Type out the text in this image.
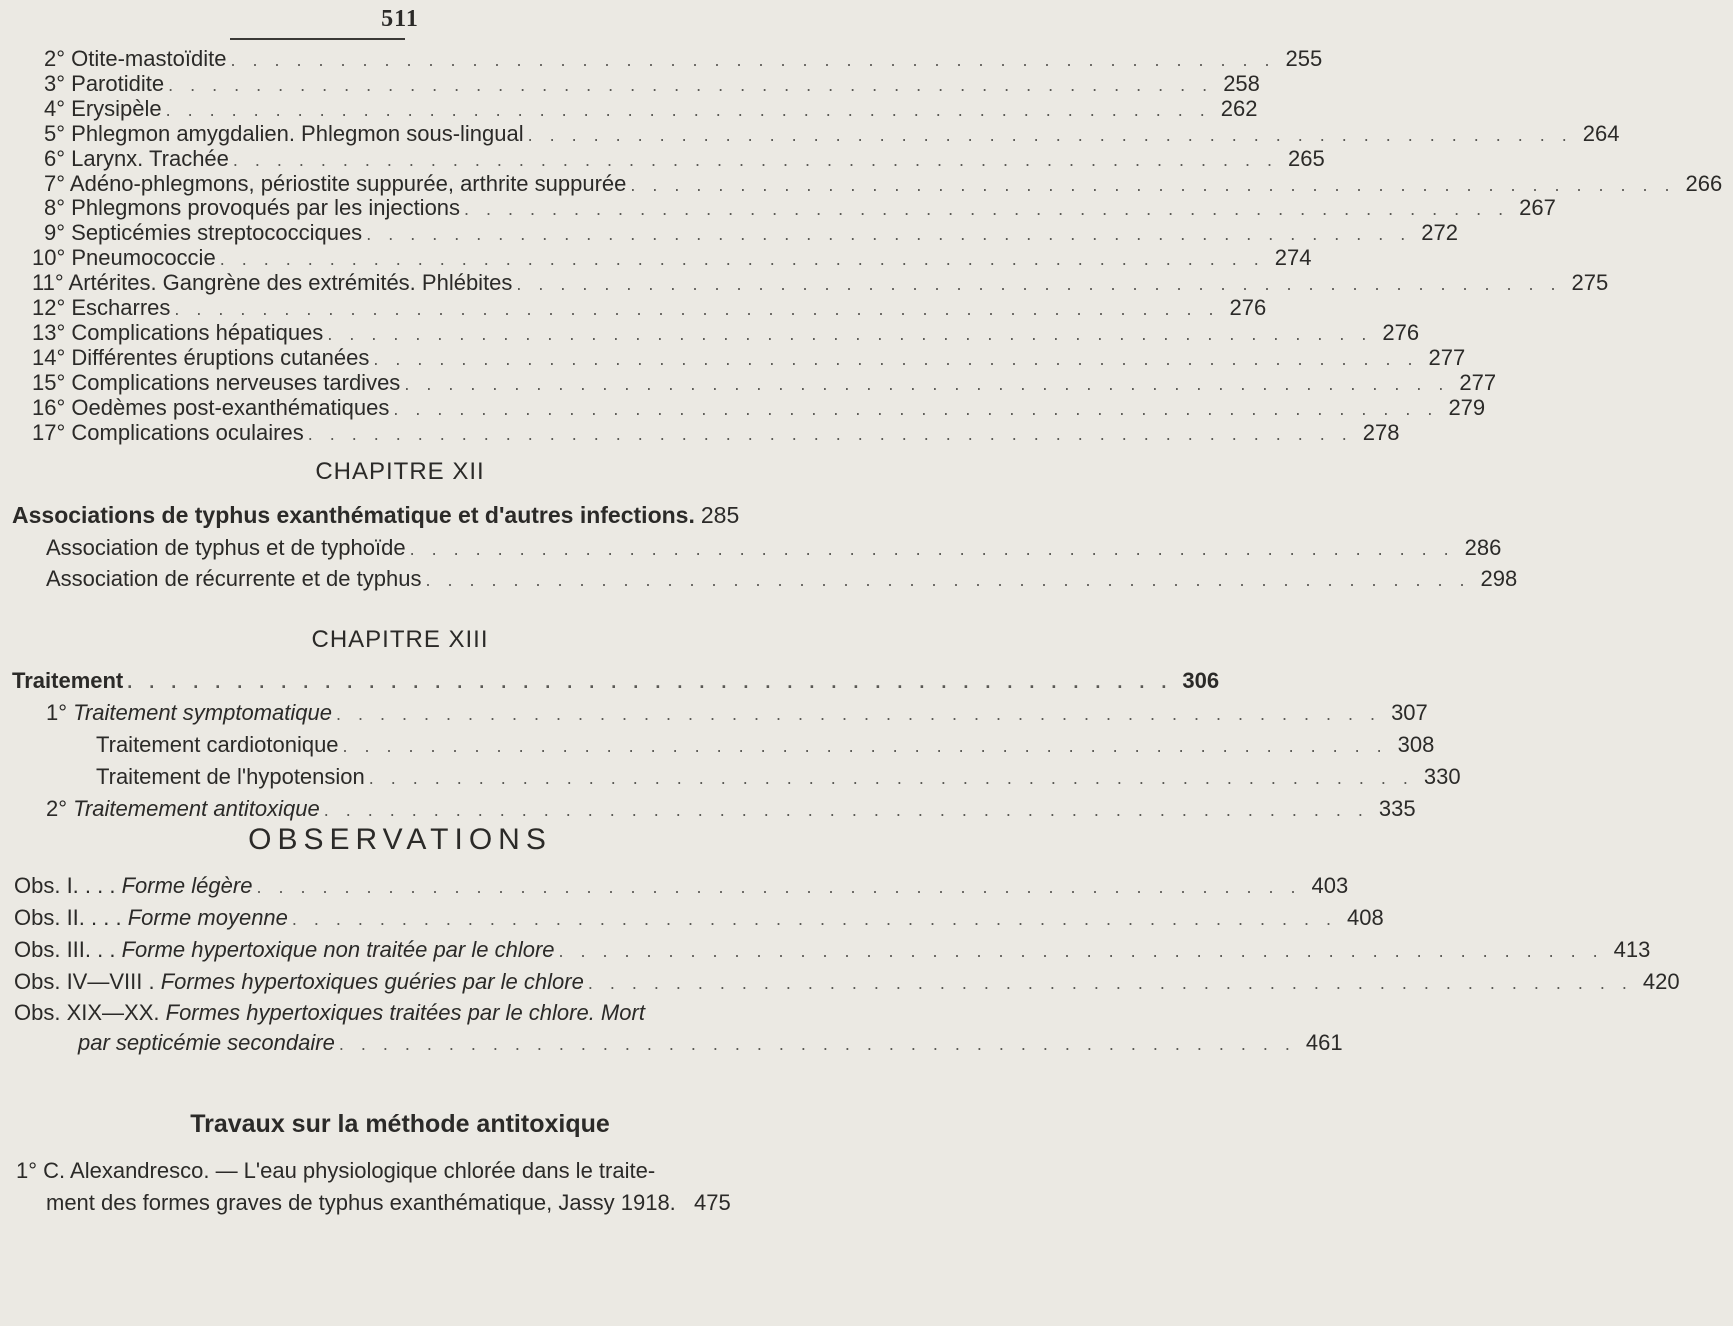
511
2° Otite-mastoïdite . . . . . . . . . . . . . . . . . . . . . . . . . . . . . . . . . . . . . . . . . . . . . . . . 255
3° Parotidite . . . . . . . . . . . . . . . . . . . . . . . . . . . . . . . . . . . . . . . . . . . . . . . . 258
4° Erysipèle . . . . . . . . . . . . . . . . . . . . . . . . . . . . . . . . . . . . . . . . . . . . . . . . 262
5° Phlegmon amygdalien. Phlegmon sous-lingual . . . . . . . . . . . . . . . . . . . . . . . . . . . . . . . . . . . . . . . . . . . . . . . . 264
6° Larynx. Trachée . . . . . . . . . . . . . . . . . . . . . . . . . . . . . . . . . . . . . . . . . . . . . . . . 265
7° Adéno-phlegmons, périostite suppurée, arthrite suppurée . . . . . . . . . . . . . . . . . . . . . . . . . . . . . . . . . . . . . . . . . . . . . . . . 266
8° Phlegmons provoqués par les injections . . . . . . . . . . . . . . . . . . . . . . . . . . . . . . . . . . . . . . . . . . . . . . . . 267
9° Septicémies streptococciques . . . . . . . . . . . . . . . . . . . . . . . . . . . . . . . . . . . . . . . . . . . . . . . . 272
10° Pneumococcie . . . . . . . . . . . . . . . . . . . . . . . . . . . . . . . . . . . . . . . . . . . . . . . . 274
11° Artérites. Gangrène des extrémités. Phlébites . . . . . . . . . . . . . . . . . . . . . . . . . . . . . . . . . . . . . . . . . . . . . . . . 275
12° Escharres . . . . . . . . . . . . . . . . . . . . . . . . . . . . . . . . . . . . . . . . . . . . . . . . 276
13° Complications hépatiques . . . . . . . . . . . . . . . . . . . . . . . . . . . . . . . . . . . . . . . . . . . . . . . . 276
14° Différentes éruptions cutanées . . . . . . . . . . . . . . . . . . . . . . . . . . . . . . . . . . . . . . . . . . . . . . . . 277
15° Complications nerveuses tardives . . . . . . . . . . . . . . . . . . . . . . . . . . . . . . . . . . . . . . . . . . . . . . . . 277
16° Oedèmes post-exanthématiques . . . . . . . . . . . . . . . . . . . . . . . . . . . . . . . . . . . . . . . . . . . . . . . . 279
17° Complications oculaires . . . . . . . . . . . . . . . . . . . . . . . . . . . . . . . . . . . . . . . . . . . . . . . . 278
CHAPITRE XII
Associations de typhus exanthématique et d'autres infections. 285
Association de typhus et de typhoïde . . . . . . . . . . . . . . . . . . . . . . . . . . . . . . . . . . . . . . . . . . . . . . . . 286
Association de récurrente et de typhus . . . . . . . . . . . . . . . . . . . . . . . . . . . . . . . . . . . . . . . . . . . . . . . . 298
CHAPITRE XIII
Traitement . . . . . . . . . . . . . . . . . . . . . . . . . . . . . . . . . . . . . . . . . . . . . . . . 306
1° Traitement symptomatique . . . . . . . . . . . . . . . . . . . . . . . . . . . . . . . . . . . . . . . . . . . . . . . . 307
Traitement cardiotonique . . . . . . . . . . . . . . . . . . . . . . . . . . . . . . . . . . . . . . . . . . . . . . . . 308
Traitement de l'hypotension . . . . . . . . . . . . . . . . . . . . . . . . . . . . . . . . . . . . . . . . . . . . . . . . 330
2° Traitemement antitoxique . . . . . . . . . . . . . . . . . . . . . . . . . . . . . . . . . . . . . . . . . . . . . . . . 335
OBSERVATIONS
Obs. I. . . . Forme légère . . . . . . . . . . . . . . . . . . . . . . . . . . . . . . . . . . . . . . . . . . . . . . . . 403
Obs. II. . . . Forme moyenne . . . . . . . . . . . . . . . . . . . . . . . . . . . . . . . . . . . . . . . . . . . . . . . . 408
Obs. III. . . Forme hypertoxique non traitée par le chlore . . . . . . . . . . . . . . . . . . . . . . . . . . . . . . . . . . . . . . . . . . . . . . . . 413
Obs. IV—VIII . Formes hypertoxiques guéries par le chlore . . . . . . . . . . . . . . . . . . . . . . . . . . . . . . . . . . . . . . . . . . . . . . . . 420
Obs. XIX—XX. Formes hypertoxiques traitées par le chlore. Mort
par septicémie secondaire . . . . . . . . . . . . . . . . . . . . . . . . . . . . . . . . . . . . . . . . . . . . 461
Travaux sur la méthode antitoxique
1° C. Alexandresco. — L'eau physiologique chlorée dans le traite-
ment des formes graves de typhus exanthématique, Jassy 1918. 475
